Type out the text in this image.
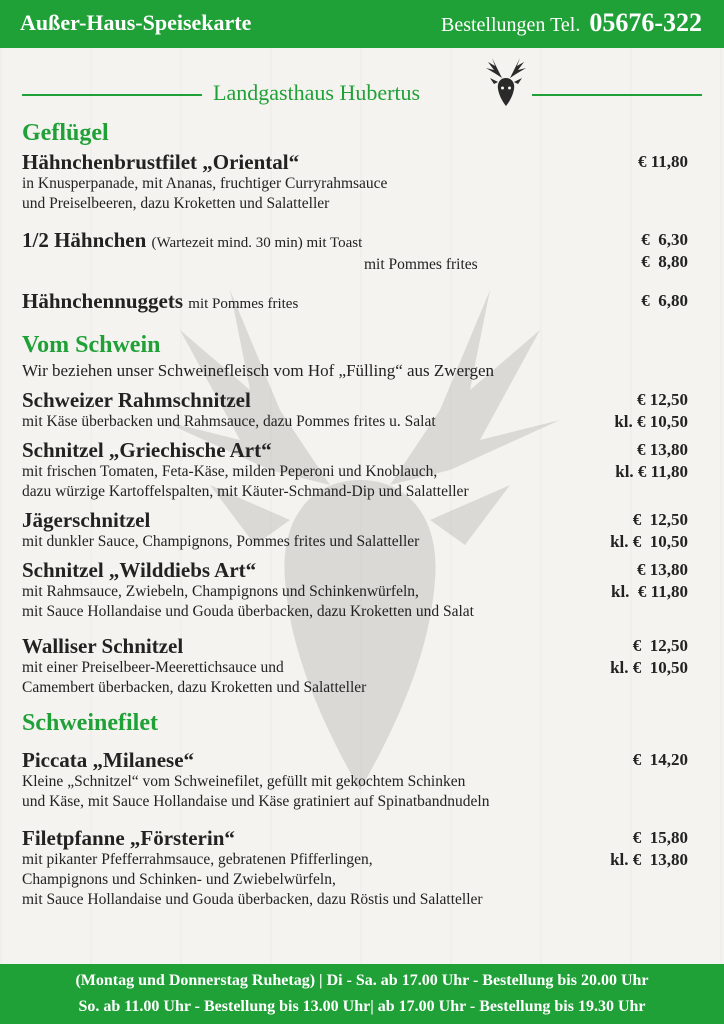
Außer-Haus-Speisekarte	Bestellungen Tel. 05676-322
Landgasthaus Hubertus
Geflügel
Hähnchenbrustfilet „Oriental“	€ 11,80
in Knusperpanade, mit Ananas, fruchtiger Curryrahmsauce
und Preiselbeeren, dazu Kroketten und Salatteller
1/2 Hähnchen (Wartezeit mind. 30 min) mit Toast	€  6,30
mit Pommes frites	€  8,80
Hähnchennuggets mit Pommes frites	€  6,80
Vom Schwein
Wir beziehen unser Schweinefleisch vom Hof „Fülling“ aus Zwergen
Schweizer Rahmschnitzel	€ 12,50
mit Käse überbacken und Rahmsauce, dazu Pommes frites u. Salat	kl. € 10,50
Schnitzel „Griechische Art“	€ 13,80
mit frischen Tomaten, Feta-Käse, milden Peperoni und Knoblauch,	kl. € 11,80
dazu würzige Kartoffelspalten, mit Käuter-Schmand-Dip und Salatteller
Jägerschnitzel	€  12,50
mit dunkler Sauce, Champignons, Pommes frites und Salatteller	kl. €  10,50
Schnitzel „Wilddiebs Art“	€ 13,80
mit Rahmsauce, Zwiebeln, Champignons und Schinkenwürfeln,	kl.  € 11,80
mit Sauce Hollandaise und Gouda überbacken, dazu Kroketten und Salat
Walliser Schnitzel	€  12,50
mit einer Preiselbeer-Meerettichsauce und	kl. €  10,50
Camembert überbacken, dazu Kroketten und Salatteller
Schweinefilet
Piccata „Milanese“	€  14,20
Kleine „Schnitzel“ vom Schweinefilet, gefüllt mit gekochtem Schinken
und Käse, mit Sauce Hollandaise und Käse gratiniert auf Spinatbandnudeln
Filetpfanne „Försterin“	€  15,80
mit pikanter Pfefferrahmsauce, gebratenen Pfifferlingen,	kl. €  13,80
Champignons und Schinken- und Zwiebelwürfeln,
mit Sauce Hollandaise und Gouda überbacken, dazu Röstis und Salatteller
(Montag und Donnerstag Ruhetag) | Di - Sa. ab 17.00 Uhr - Bestellung bis 20.00 Uhr
So. ab 11.00 Uhr - Bestellung bis 13.00 Uhr| ab 17.00 Uhr - Bestellung bis 19.30 Uhr
